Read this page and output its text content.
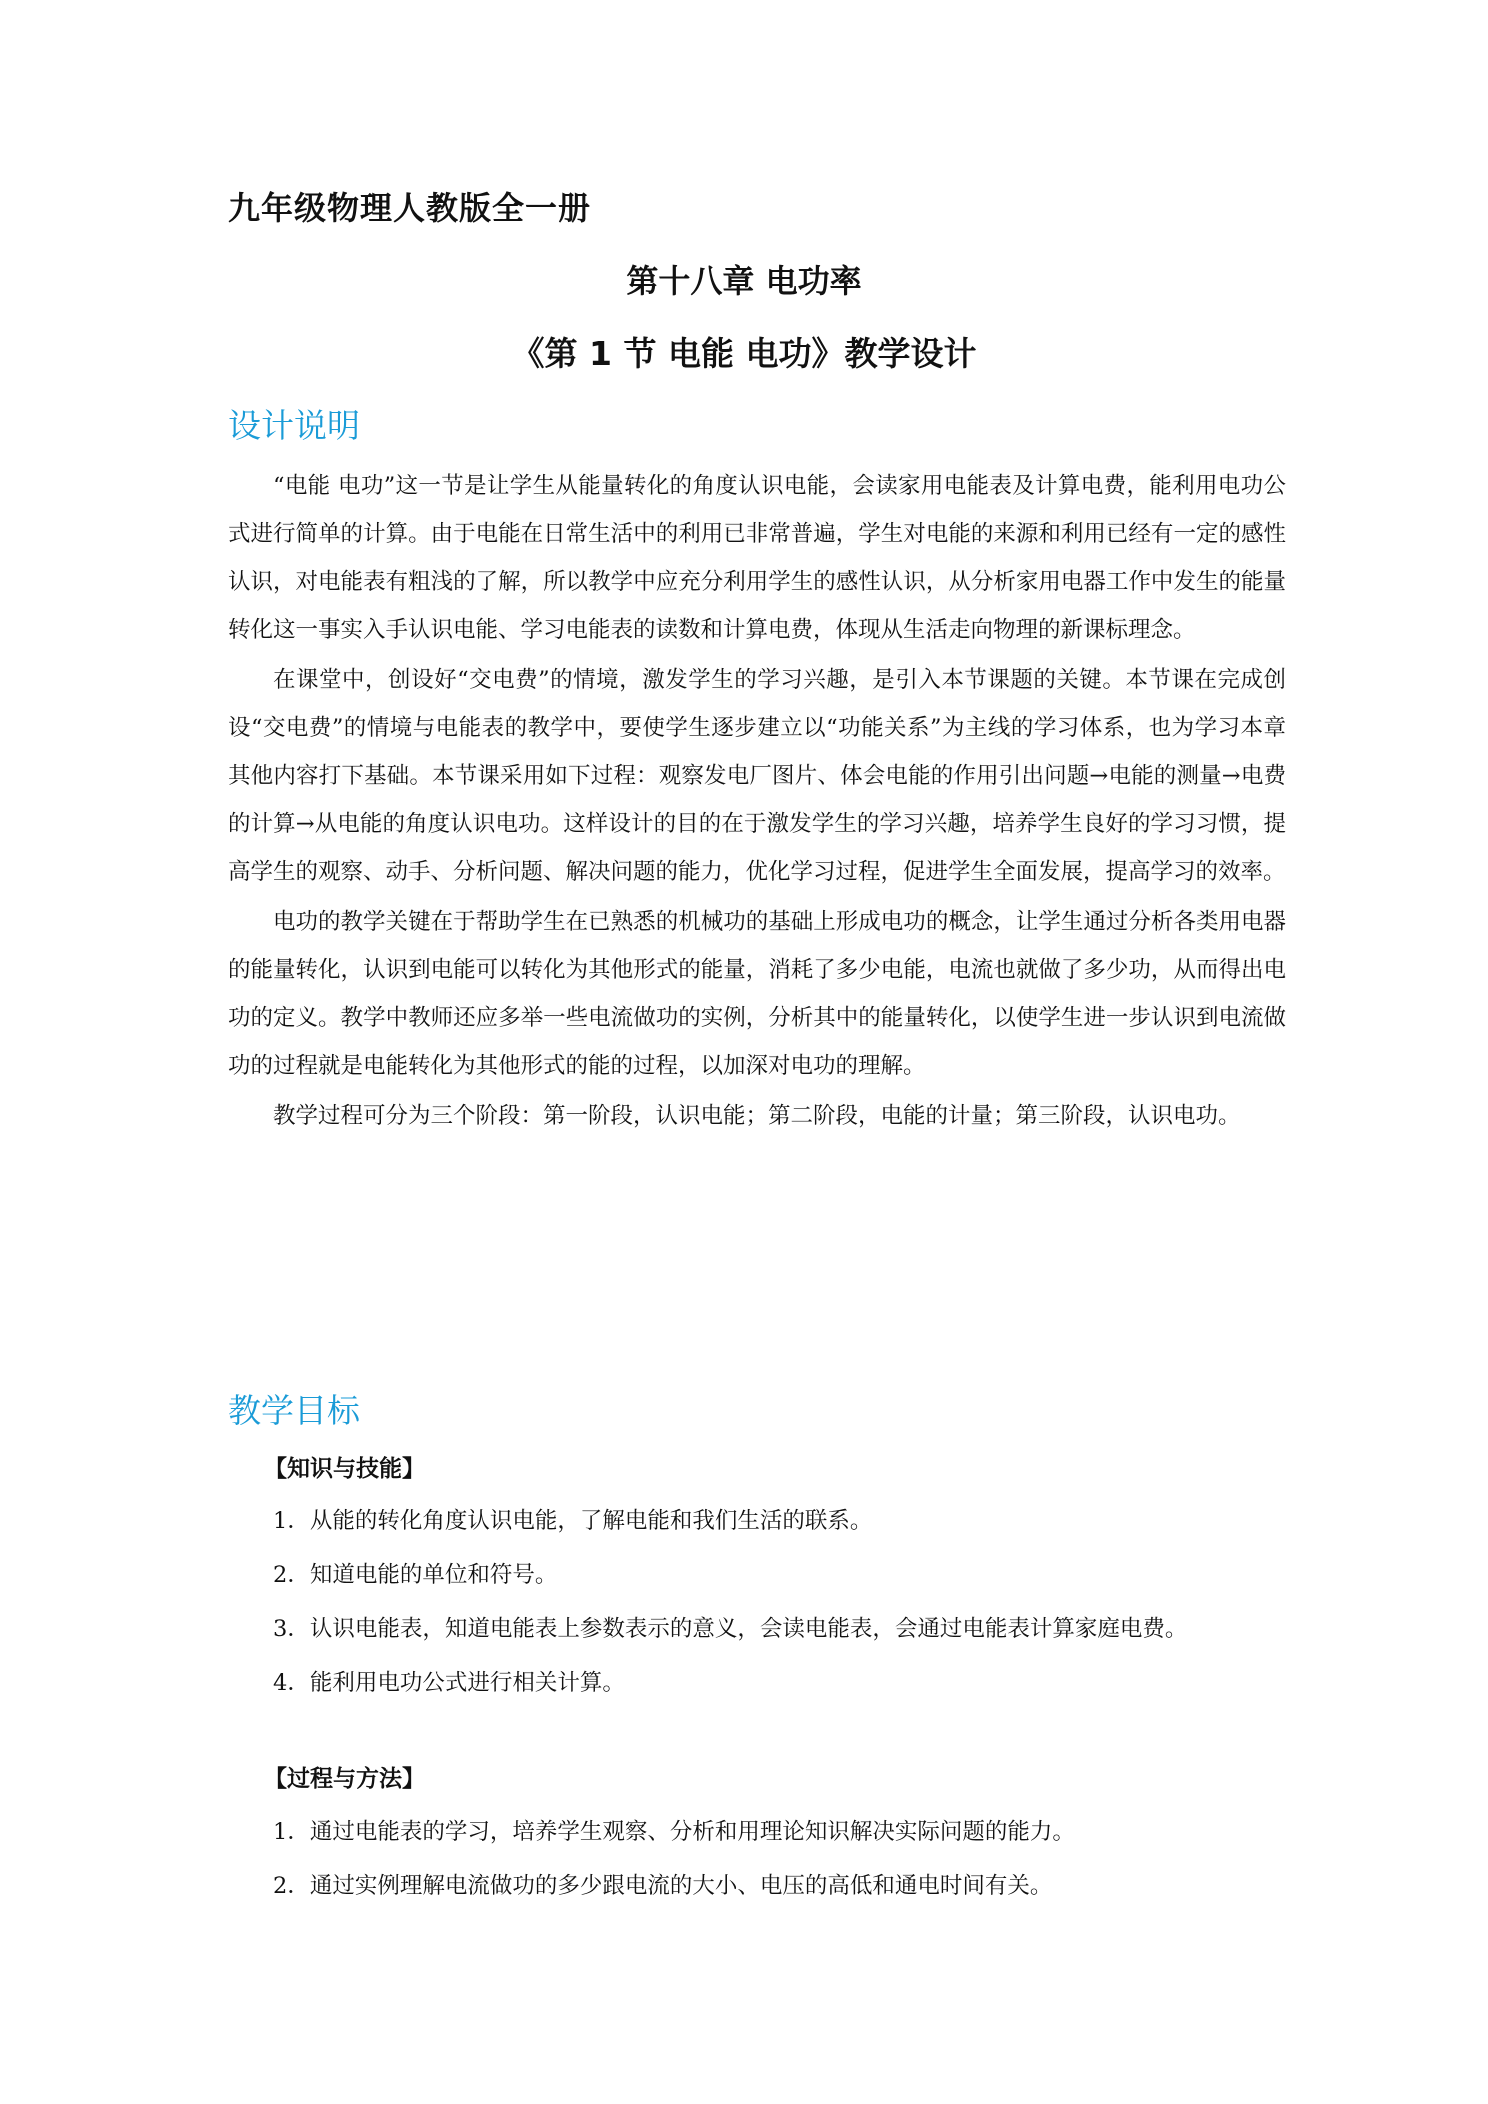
九年级物理人教版全一册
第十八章 电功率
《第 1 节 电能 电功》教学设计
设计说明

“电能 电功”这一节是让学生从能量转化的角度认识电能，会读家用电能表及计算电费，能利用电功公式进行简单的计算。由于电能在日常生活中的利用已非常普遍，学生对电能的来源和利用已经有一定的感性认识，对电能表有粗浅的了解，所以教学中应充分利用学生的感性认识，从分析家用电器工作中发生的能量转化这一事实入手认识电能、学习电能表的读数和计算电费，体现从生活走向物理的新课标理念。

在课堂中，创设好“交电费”的情境，激发学生的学习兴趣，是引入本节课题的关键。本节课在完成创设“交电费”的情境与电能表的教学中，要使学生逐步建立以“功能关系”为主线的学习体系，也为学习本章其他内容打下基础。本节课采用如下过程：观察发电厂图片、体会电能的作用引出问题→电能的测量→电费的计算→从电能的角度认识电功。这样设计的目的在于激发学生的学习兴趣，培养学生良好的学习习惯，提高学生的观察、动手、分析问题、解决问题的能力，优化学习过程，促进学生全面发展，提高学习的效率。

电功的教学关键在于帮助学生在已熟悉的机械功的基础上形成电功的概念，让学生通过分析各类用电器的能量转化，认识到电能可以转化为其他形式的能量，消耗了多少电能，电流也就做了多少功，从而得出电功的定义。教学中教师还应多举一些电流做功的实例，分析其中的能量转化，以使学生进一步认识到电流做功的过程就是电能转化为其他形式的能的过程，以加深对电功的理解。

教学过程可分为三个阶段：第一阶段，认识电能；第二阶段，电能的计量；第三阶段，认识电功。

教学目标
【知识与技能】
1．从能的转化角度认识电能，了解电能和我们生活的联系。
2．知道电能的单位和符号。
3．认识电能表，知道电能表上参数表示的意义，会读电能表，会通过电能表计算家庭电费。
4．能利用电功公式进行相关计算。
【过程与方法】
1．通过电能表的学习，培养学生观察、分析和用理论知识解决实际问题的能力。
2．通过实例理解电流做功的多少跟电流的大小、电压的高低和通电时间有关。
